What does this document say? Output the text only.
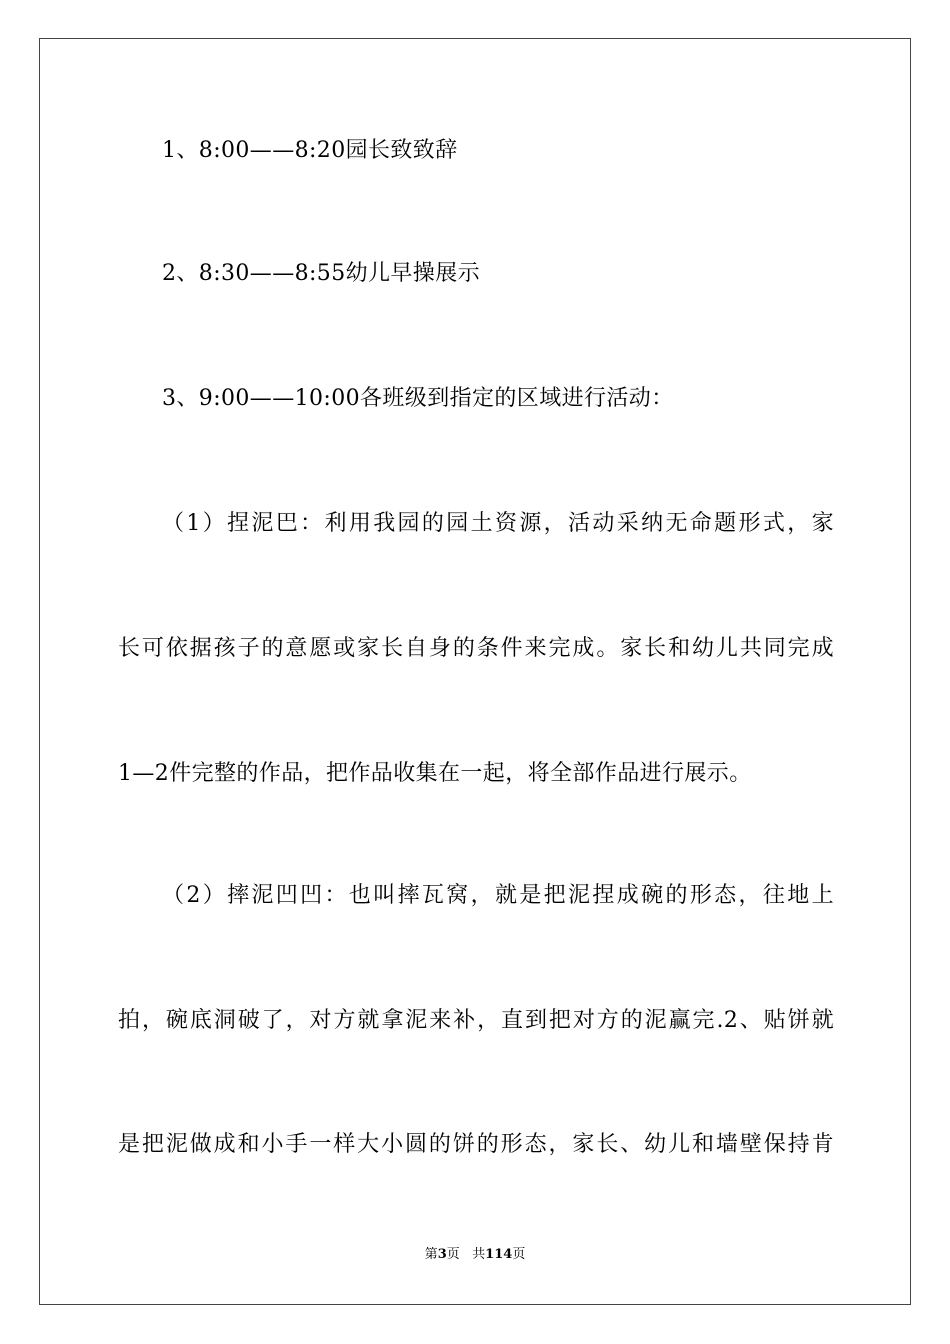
1、8:00——8:20园长致致辞
2、8:30——8:55幼儿早操展示
3、9:00——10:00各班级到指定的区域进行活动：
（1）捏泥巴：利用我园的园土资源，活动采纳无命题形式，家
长可依据孩子的意愿或家长自身的条件来完成。家长和幼儿共同完成
1—2件完整的作品，把作品收集在一起，将全部作品进行展示。
（2）摔泥凹凹：也叫摔瓦窝，就是把泥捏成碗的形态，往地上
拍，碗底洞破了，对方就拿泥来补，直到把对方的泥赢完.2、贴饼就
是把泥做成和小手一样大小圆的饼的形态，家长、幼儿和墙壁保持肯
第3页 共114页
